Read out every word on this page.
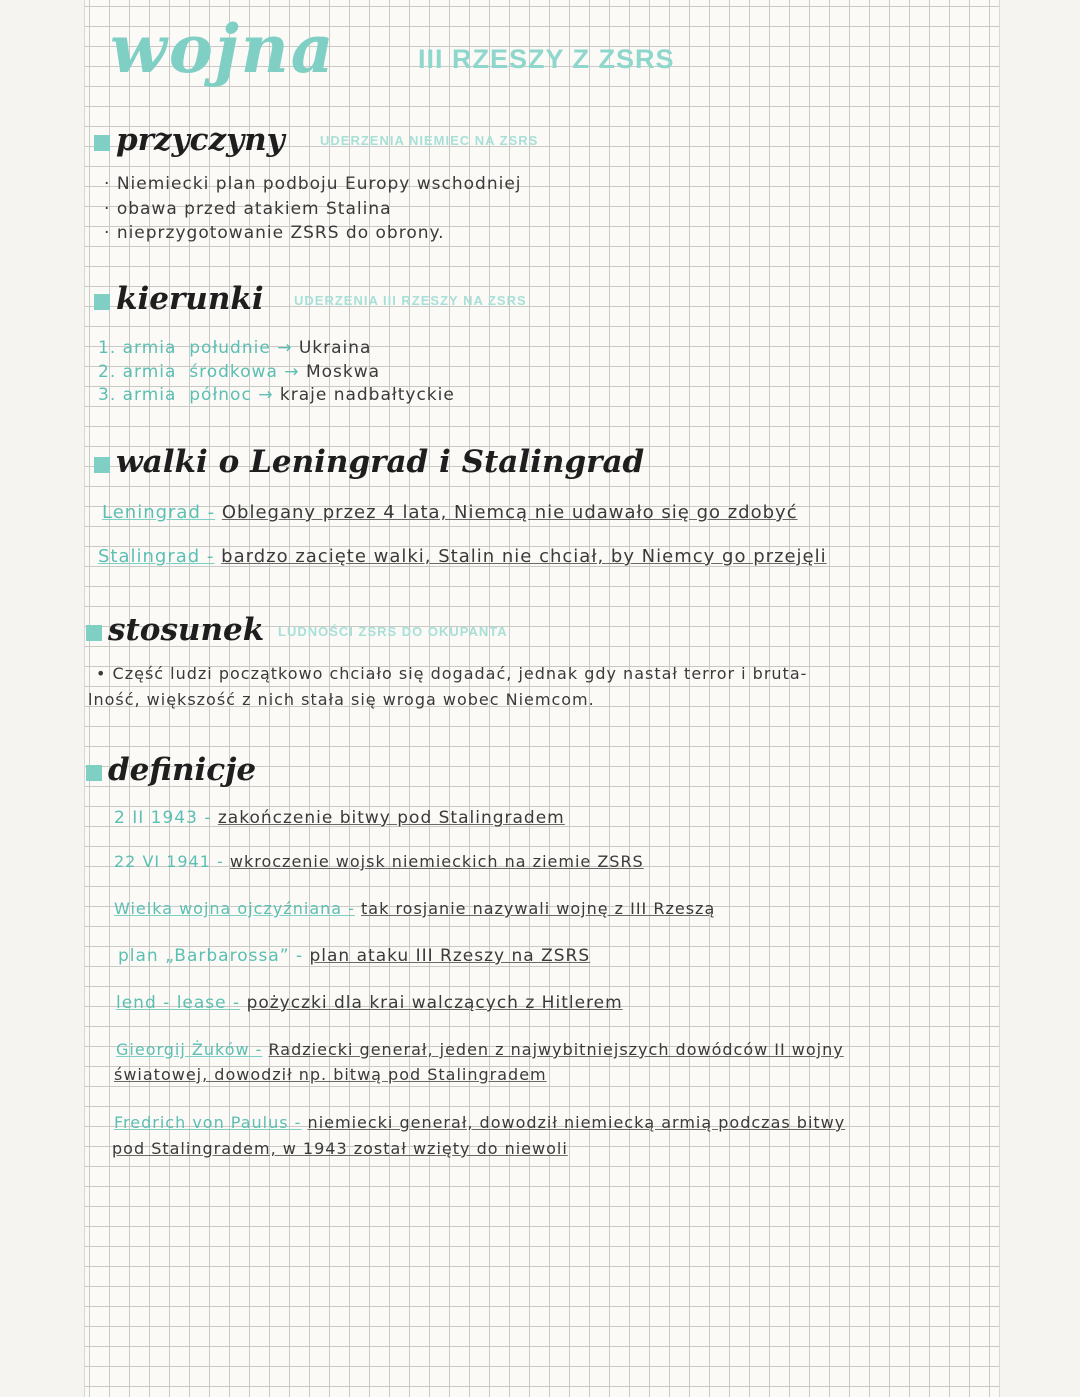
wojna	III RZESZY Z ZSRS
przyczyny	UDERZENIA NIEMIEC NA ZSRS
· Niemiecki plan podboju Europy wschodniej
· obawa przed atakiem Stalina
· nieprzygotowanie ZSRS do obrony.
kierunki UDERZENIA III RZESZY NA ZSRS
1. armia południe → Ukraina
2. armia środkowa → Moskwa
3. armia północ → kraje nadbałtyckie
walki o Leningrad i Stalingrad
Leningrad - Oblegany przez 4 lata, Niemcą nie udawało się go zdobyć
Stalingrad - bardzo zacięte walki, Stalin nie chciał, by Niemcy go przejęli
stosunek LUDNOŚCI ZSRS DO OKUPANTA
• Część ludzi początkowo chciało się dogadać, jednak gdy nastał terror i bruta-
lność, większość z nich stała się wroga wobec Niemcom.
definicje
2 II 1943 - zakończenie bitwy pod Stalingradem
22 VI 1941 - wkroczenie wojsk niemieckich na ziemie ZSRS
Wielka wojna ojczyźniana - tak rosjanie nazywali wojnę z III Rzeszą
plan „Barbarossa” - plan ataku III Rzeszy na ZSRS
lend - lease - pożyczki dla krai walczących z Hitlerem
Gieorgij Żuków - Radziecki generał, jeden z najwybitniejszych dowódców II wojny
światowej, dowodził np. bitwą pod Stalingradem
Fredrich von Paulus - niemiecki generał, dowodził niemiecką armią podczas bitwy
pod Stalingradem, w 1943 został wzięty do niewoli
